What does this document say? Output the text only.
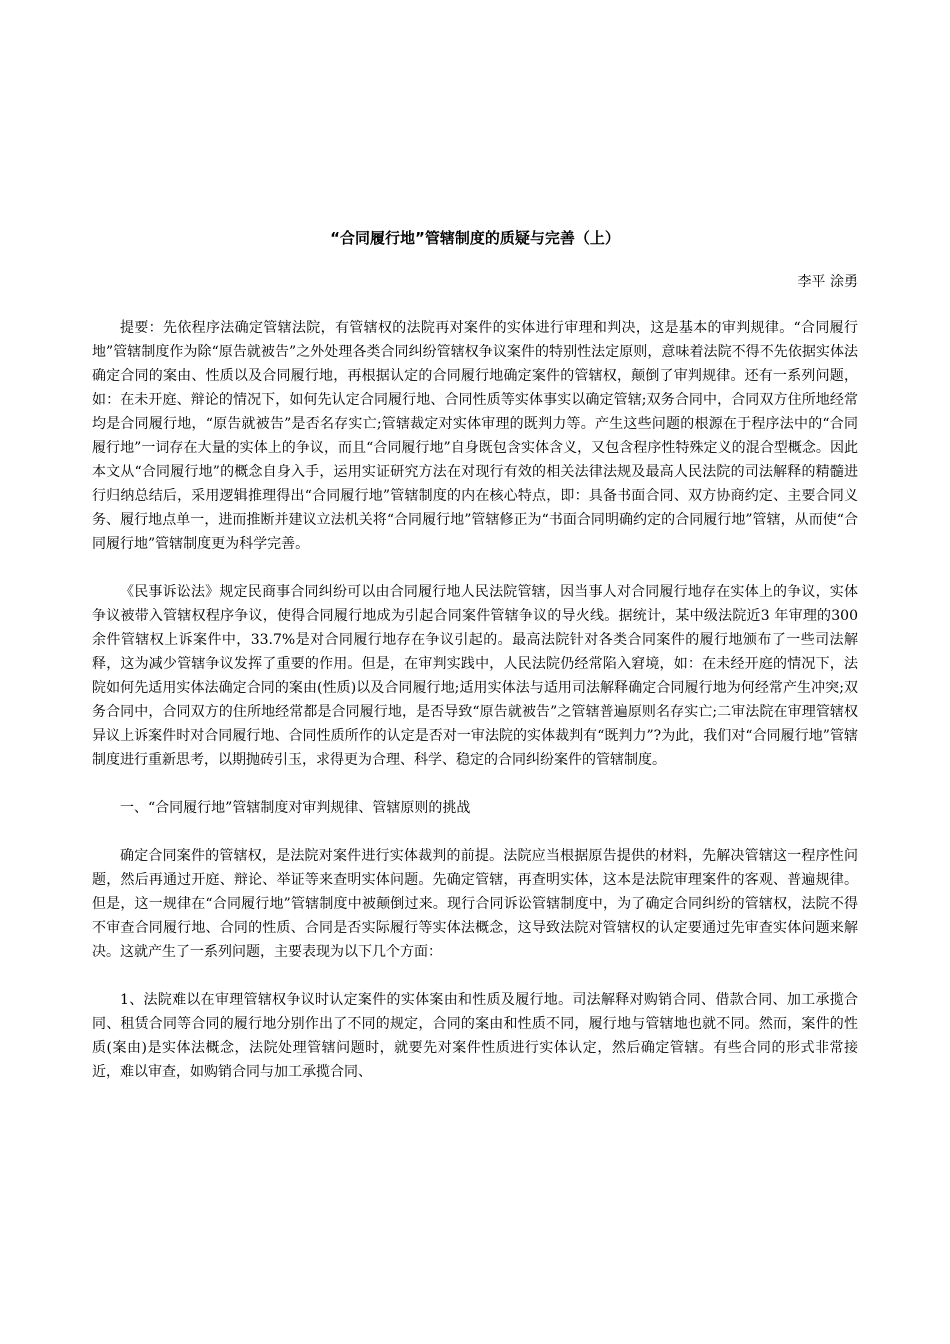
“合同履行地”管辖制度的质疑与完善（上）
李平 涂勇

提要：先依程序法确定管辖法院，有管辖权的法院再对案件的实体进行审理和判决，这是基本的审判规律。“合同履行地”管辖制度作为除“原告就被告”之外处理各类合同纠纷管辖权争议案件的特别性法定原则，意味着法院不得不先依据实体法确定合同的案由、性质以及合同履行地，再根据认定的合同履行地确定案件的管辖权，颠倒了审判规律。还有一系列问题，如：在未开庭、辩论的情况下，如何先认定合同履行地、合同性质等实体事实以确定管辖;双务合同中，合同双方住所地经常均是合同履行地，“原告就被告”是否名存实亡;管辖裁定对实体审理的既判力等。产生这些问题的根源在于程序法中的“合同履行地”一词存在大量的实体上的争议，而且“合同履行地”自身既包含实体含义，又包含程序性特殊定义的混合型概念。因此本文从“合同履行地”的概念自身入手，运用实证研究方法在对现行有效的相关法律法规及最高人民法院的司法解释的精髓进行归纳总结后，采用逻辑推理得出“合同履行地”管辖制度的内在核心特点，即：具备书面合同、双方协商约定、主要合同义务、履行地点单一，进而推断并建议立法机关将“合同履行地”管辖修正为“书面合同明确约定的合同履行地”管辖，从而使“合同履行地”管辖制度更为科学完善。

《民事诉讼法》规定民商事合同纠纷可以由合同履行地人民法院管辖，因当事人对合同履行地存在实体上的争议，实体争议被带入管辖权程序争议，使得合同履行地成为引起合同案件管辖争议的导火线。据统计，某中级法院近3 年审理的300余件管辖权上诉案件中，33.7%是对合同履行地存在争议引起的。最高法院针对各类合同案件的履行地颁布了一些司法解释，这为减少管辖争议发挥了重要的作用。但是，在审判实践中，人民法院仍经常陷入窘境，如：在未经开庭的情况下，法院如何先适用实体法确定合同的案由(性质)以及合同履行地;适用实体法与适用司法解释确定合同履行地为何经常产生冲突;双务合同中，合同双方的住所地经常都是合同履行地，是否导致“原告就被告”之管辖普遍原则名存实亡;二审法院在审理管辖权异议上诉案件时对合同履行地、合同性质所作的认定是否对一审法院的实体裁判有“既判力”?为此，我们对“合同履行地”管辖制度进行重新思考，以期抛砖引玉，求得更为合理、科学、稳定的合同纠纷案件的管辖制度。

一、“合同履行地”管辖制度对审判规律、管辖原则的挑战

确定合同案件的管辖权，是法院对案件进行实体裁判的前提。法院应当根据原告提供的材料，先解决管辖这一程序性问题，然后再通过开庭、辩论、举证等来查明实体问题。先确定管辖，再查明实体，这本是法院审理案件的客观、普遍规律。但是，这一规律在“合同履行地”管辖制度中被颠倒过来。现行合同诉讼管辖制度中，为了确定合同纠纷的管辖权，法院不得不审查合同履行地、合同的性质、合同是否实际履行等实体法概念，这导致法院对管辖权的认定要通过先审查实体问题来解决。这就产生了一系列问题，主要表现为以下几个方面：

1、法院难以在审理管辖权争议时认定案件的实体案由和性质及履行地。司法解释对购销合同、借款合同、加工承揽合同、租赁合同等合同的履行地分别作出了不同的规定，合同的案由和性质不同，履行地与管辖地也就不同。然而，案件的性质(案由)是实体法概念，法院处理管辖问题时，就要先对案件性质进行实体认定，然后确定管辖。有些合同的形式非常接近，难以审查，如购销合同与加工承揽合同、
